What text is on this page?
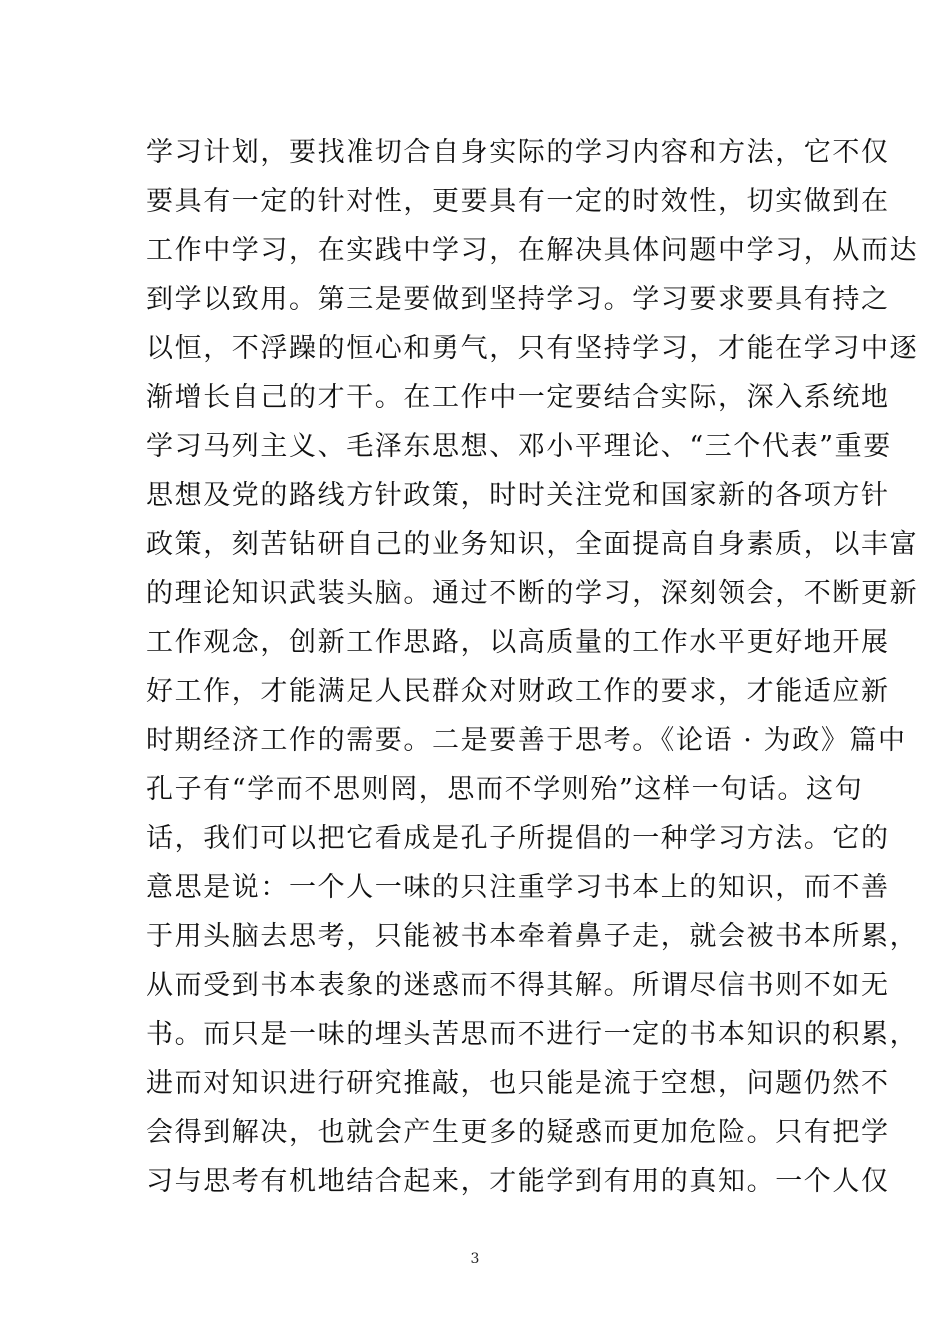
学习计划，要找准切合自身实际的学习内容和方法，它不仅
要具有一定的针对性，更要具有一定的时效性，切实做到在
工作中学习，在实践中学习，在解决具体问题中学习，从而达
到学以致用。第三是要做到坚持学习。学习要求要具有持之
以恒，不浮躁的恒心和勇气，只有坚持学习，才能在学习中逐
渐增长自己的才干。在工作中一定要结合实际，深入系统地
学习马列主义、毛泽东思想、邓小平理论、“三个代表”重要
思想及党的路线方针政策，时时关注党和国家新的各项方针
政策，刻苦钻研自己的业务知识，全面提高自身素质，以丰富
的理论知识武装头脑。通过不断的学习，深刻领会，不断更新
工作观念，创新工作思路，以高质量的工作水平更好地开展
好工作，才能满足人民群众对财政工作的要求，才能适应新
时期经济工作的需要。二是要善于思考。《论语 · 为政》篇中
孔子有“学而不思则罔，思而不学则殆”这样一句话。这句
话，我们可以把它看成是孔子所提倡的一种学习方法。它的
意思是说：一个人一味的只注重学习书本上的知识，而不善
于用头脑去思考，只能被书本牵着鼻子走，就会被书本所累，
从而受到书本表象的迷惑而不得其解。所谓尽信书则不如无
书。而只是一味的埋头苦思而不进行一定的书本知识的积累，
进而对知识进行研究推敲，也只能是流于空想，问题仍然不
会得到解决，也就会产生更多的疑惑而更加危险。只有把学
习与思考有机地结合起来，才能学到有用的真知。一个人仅
3
